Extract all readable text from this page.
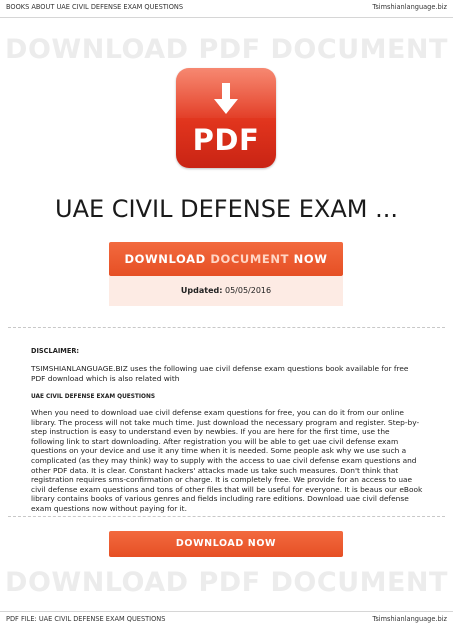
BOOKS ABOUT UAE CIVIL DEFENSE EXAM QUESTIONS	Tsimshianlanguage.biz
DOWNLOAD PDF DOCUMENT
PDF
UAE CIVIL DEFENSE EXAM ...
DOWNLOAD DOCUMENT NOW
Updated: 05/05/2016
DISCLAIMER:
TSIMSHIANLANGUAGE.BIZ uses the following uae civil defense exam questions book available for free PDF download which is also related with
UAE CIVIL DEFENSE EXAM QUESTIONS
When you need to download uae civil defense exam questions for free, you can do it from our online library. The process will not take much time. Just download the necessary program and register. Step-by-step instruction is easy to understand even by newbies. If you are here for the first time, use the following link to start downloading. After registration you will be able to get uae civil defense exam questions on your device and use it any time when it is needed. Some people ask why we use such a complicated (as they may think) way to supply with the access to uae civil defense exam questions and other PDF data. It is clear. Constant hackers' attacks made us take such measures. Don't think that registration requires sms-confirmation or charge. It is completely free. We provide for an access to uae civil defense exam questions and tons of other files that will be useful for everyone. It is beaus our eBook library contains books of various genres and fields including rare editions. Download uae civil defense exam questions now without paying for it.
DOWNLOAD NOW
DOWNLOAD PDF DOCUMENT
PDF FILE: UAE CIVIL DEFENSE EXAM QUESTIONS	Tsimshianlanguage.biz
